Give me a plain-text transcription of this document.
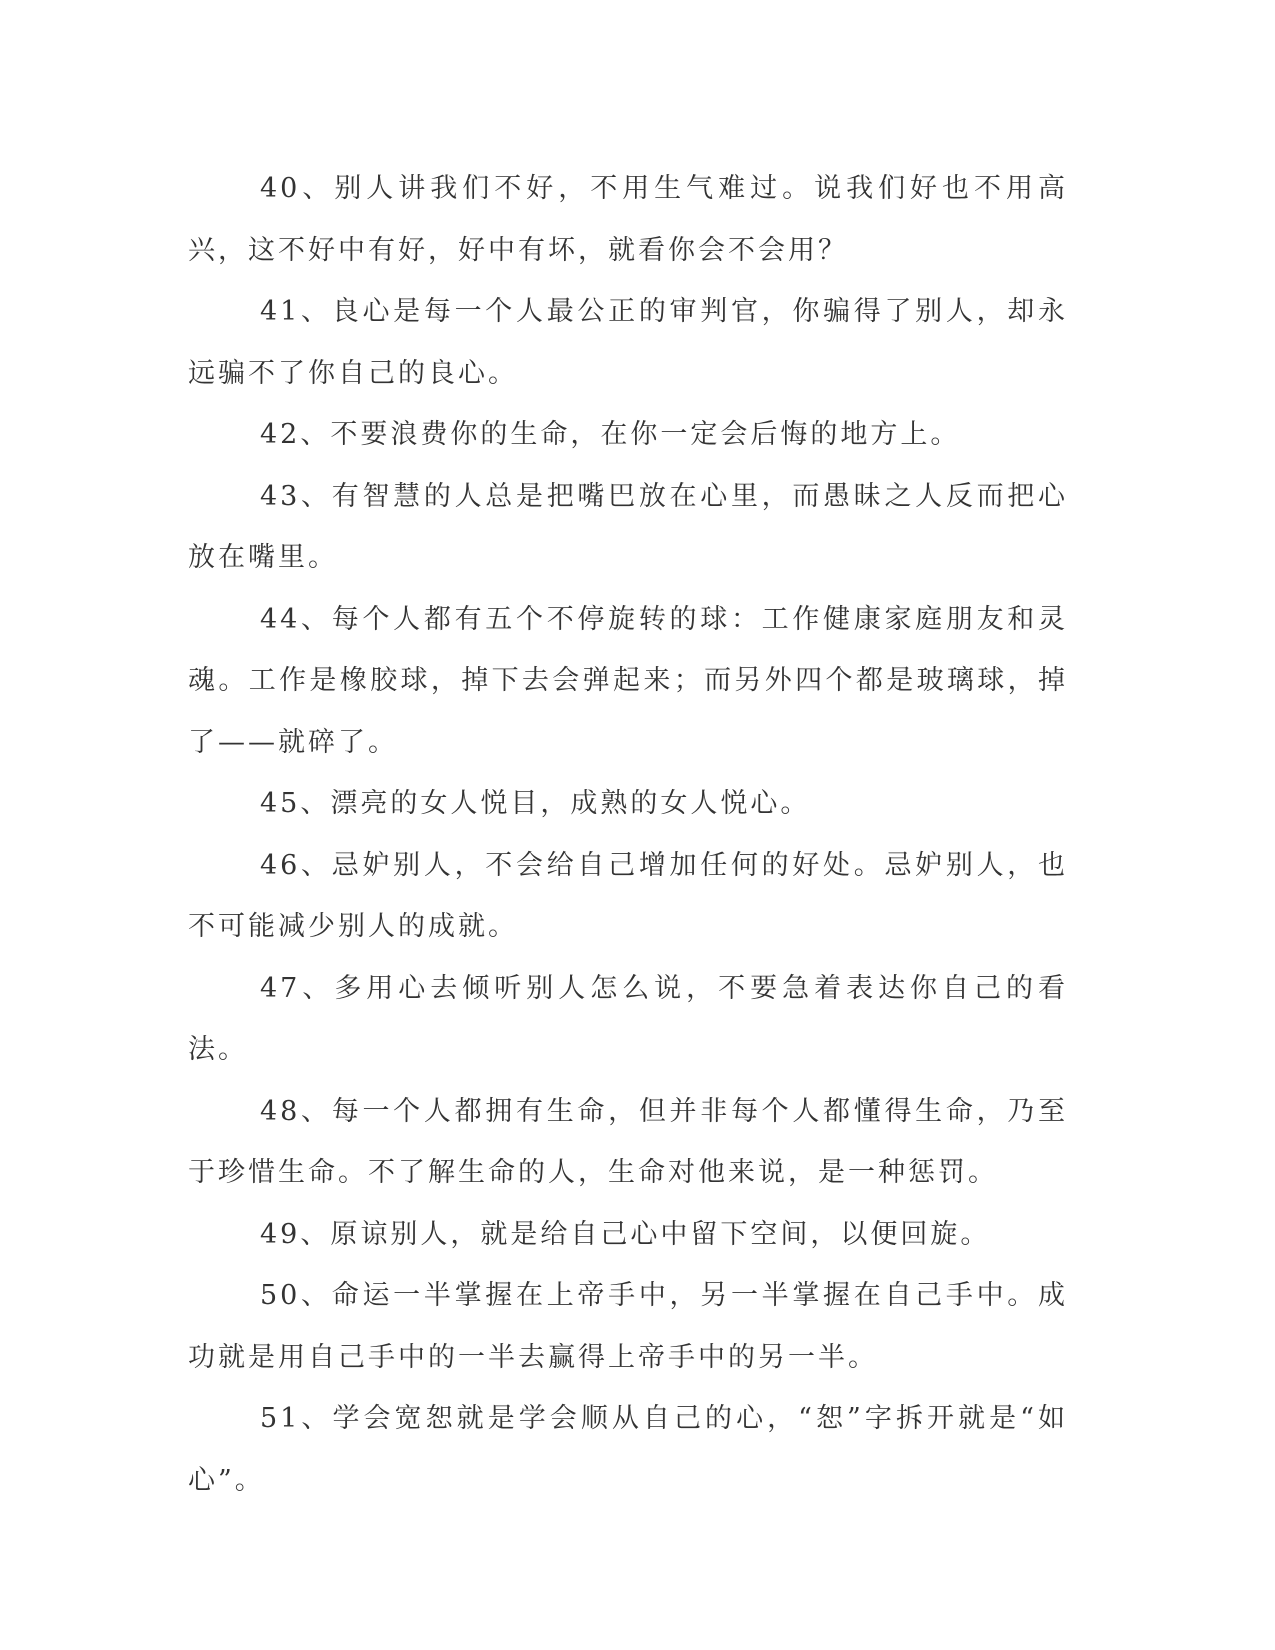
40、别人讲我们不好，不用生气难过。说我们好也不用高兴，这不好中有好，好中有坏，就看你会不会用？

41、良心是每一个人最公正的审判官，你骗得了别人，却永远骗不了你自己的良心。

42、不要浪费你的生命，在你一定会后悔的地方上。

43、有智慧的人总是把嘴巴放在心里，而愚昧之人反而把心放在嘴里。

44、每个人都有五个不停旋转的球：工作健康家庭朋友和灵魂。工作是橡胶球，掉下去会弹起来；而另外四个都是玻璃球，掉了——就碎了。

45、漂亮的女人悦目，成熟的女人悦心。

46、忌妒别人，不会给自己增加任何的好处。忌妒别人，也不可能减少别人的成就。

47、多用心去倾听别人怎么说，不要急着表达你自己的看法。

48、每一个人都拥有生命，但并非每个人都懂得生命，乃至于珍惜生命。不了解生命的人，生命对他来说，是一种惩罚。

49、原谅别人，就是给自己心中留下空间，以便回旋。

50、命运一半掌握在上帝手中，另一半掌握在自己手中。成功就是用自己手中的一半去赢得上帝手中的另一半。

51、学会宽恕就是学会顺从自己的心，“恕”字拆开就是“如心”。
